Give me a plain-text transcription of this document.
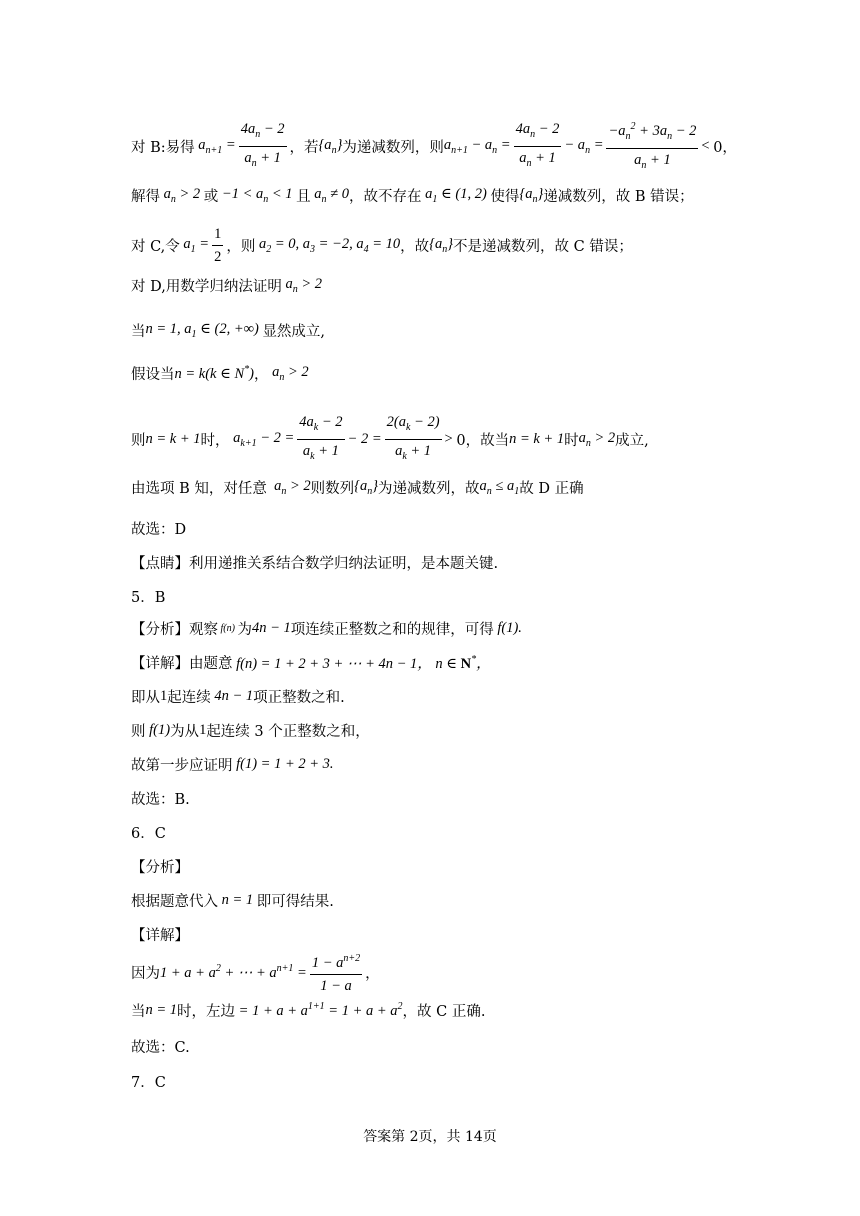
对 B:易得 $a_{n+1} = \frac{4a_n - 2}{a_n + 1}$ ，若 $\{a_n\}$ 为递减数列，则 $a_{n+1} - a_n = \frac{4a_n - 2}{a_n + 1} - a_n = \frac{-a_n^2 + 3a_n - 2}{a_n + 1} < 0$，
解得 $a_n > 2$ 或 $-1 < a_n < 1$ 且 $a_n \ne 0$ ，故不存在 $a_1$ ∈ (1, 2) 使得 $\{a_n\}$ 递减数列，故 B 错误；
对 C,令 $a_1 = \frac{1}{2}$ ，则 $a_2 = 0$, $a_3 = -2$, $a_4 = 10$ ，故 $\{a_n\}$ 不是递减数列，故 C 错误；
对 D,用数学归纳法证明 $a_n > 2$
当 n = 1, $a_1$ ∈ (2, +∞) 显然成立,
假设当 n = k(k ∈ N*) ， $a_n > 2$
则 n = k + 1 时， $a_{k+1} - 2 = \frac{4a_k - 2}{a_k + 1} - 2 = \frac{2(a_k - 2)}{a_k + 1} > 0$，故当 n = k + 1 时 $a_n > 2$ 成立,
由选项 B 知，对任意 $a_n > 2$ 则数列 $\{a_n\}$ 为递减数列，故 $a_n \le a_1$ 故 D 正确
故选：D
【点睛】利用递推关系结合数学归纳法证明，是本题关键.
5．B
【分析】观察 f(n) 为 4n − 1 项连续正整数之和的规律，可得 f(1).
【详解】由题意 f(n) = 1 + 2 + 3 + ⋯ + 4n − 1， n ∈ N*，
即从 1 起连续 4n − 1 项正整数之和.
则 f(1) 为从 1 起连续 3 个正整数之和，
故第一步应证明 f(1) = 1 + 2 + 3.
故选：B.
6．C
【分析】
根据题意代入 n = 1 即可得结果.
【详解】
因为 $1 + a + a^2$ + ⋯ + $a^{n+1} = \frac{1 - a^{n+2}}{1 - a}$ ，
当 n = 1 时，左边 = $1 + a + a^{1+1} = 1 + a + a^2$ ，故 C 正确.
故选：C.
7．C
答案第 2页，共 14页
